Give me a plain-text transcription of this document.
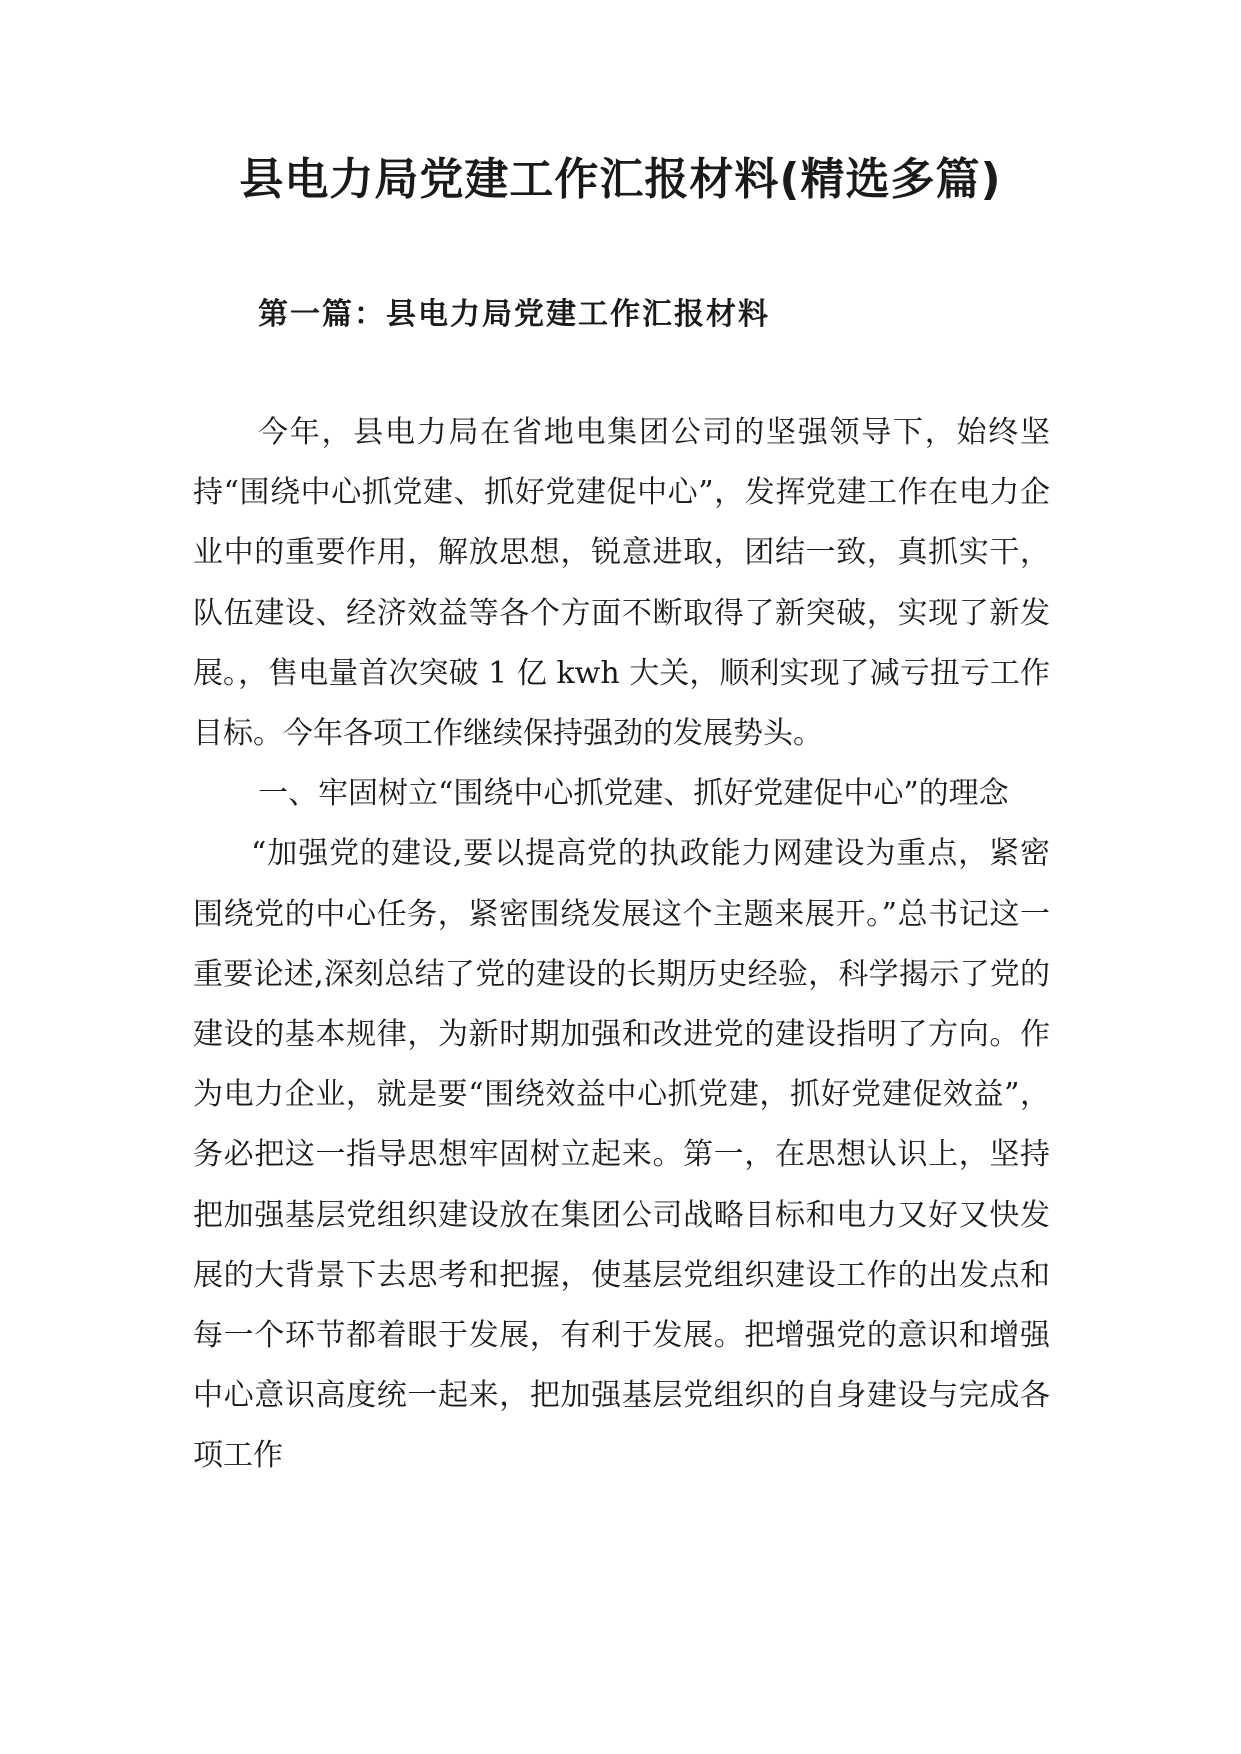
县电力局党建工作汇报材料(精选多篇)
第一篇：县电力局党建工作汇报材料

今年，县电力局在省地电集团公司的坚强领导下，始终坚持“围绕中心抓党建、抓好党建促中心”，发挥党建工作在电力企业中的重要作用，解放思想，锐意进取，团结一致，真抓实干，队伍建设、经济效益等各个方面不断取得了新突破，实现了新发展。，售电量首次突破 1 亿 kwh 大关，顺利实现了减亏扭亏工作目标。今年各项工作继续保持强劲的发展势头。

一、牢固树立“围绕中心抓党建、抓好党建促中心”的理念

“加强党的建设,要以提高党的执政能力网建设为重点，紧密围绕党的中心任务，紧密围绕发展这个主题来展开。”总书记这一重要论述,深刻总结了党的建设的长期历史经验，科学揭示了党的建设的基本规律，为新时期加强和改进党的建设指明了方向。作为电力企业，就是要“围绕效益中心抓党建，抓好党建促效益”，务必把这一指导思想牢固树立起来。第一，在思想认识上，坚持把加强基层党组织建设放在集团公司战略目标和电力又好又快发展的大背景下去思考和把握，使基层党组织建设工作的出发点和每一个环节都着眼于发展，有利于发展。把增强党的意识和增强中心意识高度统一起来，把加强基层党组织的自身建设与完成各项工作
